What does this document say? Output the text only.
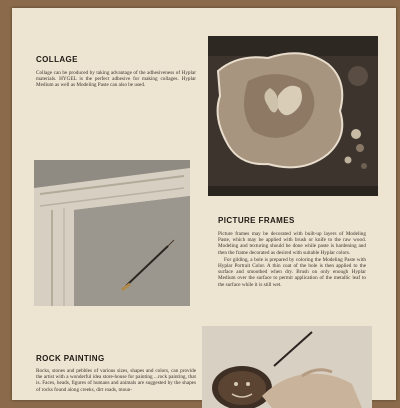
COLLAGE

Collage can be produced by taking advantage of the adhesiveness of Hyplar materials. HYGEL is the perfect adhesive for making collages. Hyplar Medium as well as Modeling Paste can also be used.

PICTURE FRAMES

Picture frames may be decorated with built-up layers of Modeling Paste, which may be applied with brush or knife to the raw wood. Modeling and texturing should be done while paste is hardening and then the frame decorated as desired with suitable Hyplar colors.

For gilding, a bole is prepared by coloring the Modeling Paste with Hyplar Portrait Color. A thin coat of the bole is then applied to the surface and smoothed when dry. Brush on only enough Hyplar Medium over the surface to permit application of the metallic leaf to the surface while it is still wet.

ROCK PAINTING

Rocks, stones and pebbles of various sizes, shapes and colors, can provide the artist with a wonderful idea store-house for painting ...rock painting, that is. Faces, heads, figures of humans and animals are suggested by the shapes of rocks found along creeks, dirt roads, moun-
